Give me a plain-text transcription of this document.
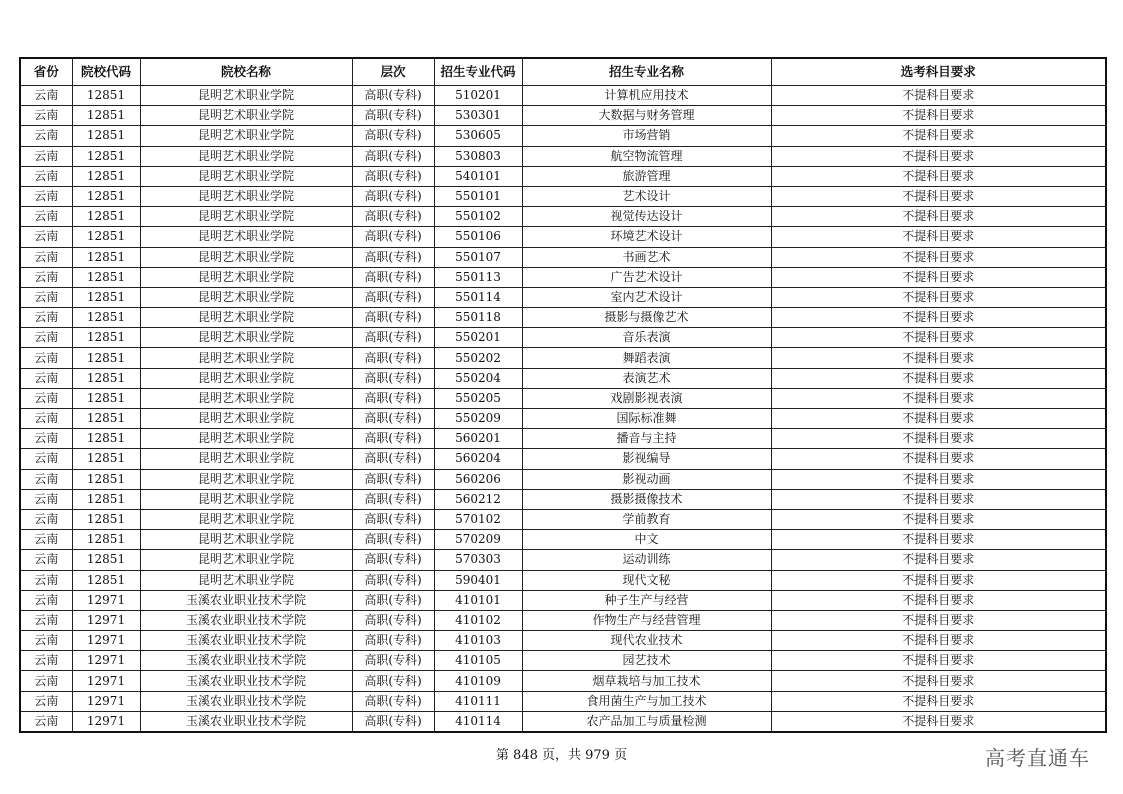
省份	院校代码	院校名称	层次	招生专业代码	招生专业名称	选考科目要求
云南	12851	昆明艺术职业学院	高职(专科)	510201	计算机应用技术	不提科目要求
云南	12851	昆明艺术职业学院	高职(专科)	530301	大数据与财务管理	不提科目要求
云南	12851	昆明艺术职业学院	高职(专科)	530605	市场营销	不提科目要求
云南	12851	昆明艺术职业学院	高职(专科)	530803	航空物流管理	不提科目要求
云南	12851	昆明艺术职业学院	高职(专科)	540101	旅游管理	不提科目要求
云南	12851	昆明艺术职业学院	高职(专科)	550101	艺术设计	不提科目要求
云南	12851	昆明艺术职业学院	高职(专科)	550102	视觉传达设计	不提科目要求
云南	12851	昆明艺术职业学院	高职(专科)	550106	环境艺术设计	不提科目要求
云南	12851	昆明艺术职业学院	高职(专科)	550107	书画艺术	不提科目要求
云南	12851	昆明艺术职业学院	高职(专科)	550113	广告艺术设计	不提科目要求
云南	12851	昆明艺术职业学院	高职(专科)	550114	室内艺术设计	不提科目要求
云南	12851	昆明艺术职业学院	高职(专科)	550118	摄影与摄像艺术	不提科目要求
云南	12851	昆明艺术职业学院	高职(专科)	550201	音乐表演	不提科目要求
云南	12851	昆明艺术职业学院	高职(专科)	550202	舞蹈表演	不提科目要求
云南	12851	昆明艺术职业学院	高职(专科)	550204	表演艺术	不提科目要求
云南	12851	昆明艺术职业学院	高职(专科)	550205	戏剧影视表演	不提科目要求
云南	12851	昆明艺术职业学院	高职(专科)	550209	国际标准舞	不提科目要求
云南	12851	昆明艺术职业学院	高职(专科)	560201	播音与主持	不提科目要求
云南	12851	昆明艺术职业学院	高职(专科)	560204	影视编导	不提科目要求
云南	12851	昆明艺术职业学院	高职(专科)	560206	影视动画	不提科目要求
云南	12851	昆明艺术职业学院	高职(专科)	560212	摄影摄像技术	不提科目要求
云南	12851	昆明艺术职业学院	高职(专科)	570102	学前教育	不提科目要求
云南	12851	昆明艺术职业学院	高职(专科)	570209	中文	不提科目要求
云南	12851	昆明艺术职业学院	高职(专科)	570303	运动训练	不提科目要求
云南	12851	昆明艺术职业学院	高职(专科)	590401	现代文秘	不提科目要求
云南	12971	玉溪农业职业技术学院	高职(专科)	410101	种子生产与经营	不提科目要求
云南	12971	玉溪农业职业技术学院	高职(专科)	410102	作物生产与经营管理	不提科目要求
云南	12971	玉溪农业职业技术学院	高职(专科)	410103	现代农业技术	不提科目要求
云南	12971	玉溪农业职业技术学院	高职(专科)	410105	园艺技术	不提科目要求
云南	12971	玉溪农业职业技术学院	高职(专科)	410109	烟草栽培与加工技术	不提科目要求
云南	12971	玉溪农业职业技术学院	高职(专科)	410111	食用菌生产与加工技术	不提科目要求
云南	12971	玉溪农业职业技术学院	高职(专科)	410114	农产品加工与质量检测	不提科目要求
第 848 页，共 979 页	高考直通车
